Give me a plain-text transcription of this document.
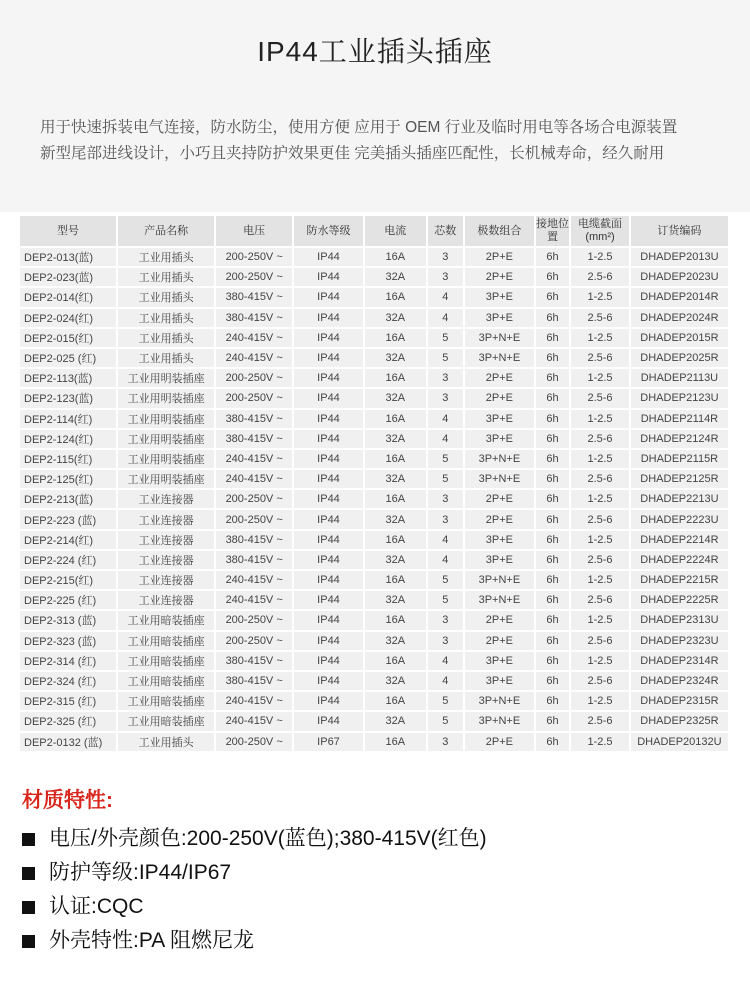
IP44工业插头插座
用于快速拆装电气连接，防水防尘，使用方便 应用于 OEM 行业及临时用电等各场合电源装置
新型尾部进线设计，小巧且夹持防护效果更佳 完美插头插座匹配性，长机械寿命，经久耐用
型号	产品名称	电压	防水等级	电流	芯数	极数组合	接地位置	电缆截面(mm²)	订货编码
DEP2-013(蓝)	工业用插头	200-250V ~	IP44	16A	3	2P+E	6h	1-2.5	DHADEP2013U
DEP2-023(蓝)	工业用插头	200-250V ~	IP44	32A	3	2P+E	6h	2.5-6	DHADEP2023U
DEP2-014(红)	工业用插头	380-415V ~	IP44	16A	4	3P+E	6h	1-2.5	DHADEP2014R
DEP2-024(红)	工业用插头	380-415V ~	IP44	32A	4	3P+E	6h	2.5-6	DHADEP2024R
DEP2-015(红)	工业用插头	240-415V ~	IP44	16A	5	3P+N+E	6h	1-2.5	DHADEP2015R
DEP2-025 (红)	工业用插头	240-415V ~	IP44	32A	5	3P+N+E	6h	2.5-6	DHADEP2025R
DEP2-113(蓝)	工业用明装插座	200-250V ~	IP44	16A	3	2P+E	6h	1-2.5	DHADEP2113U
DEP2-123(蓝)	工业用明装插座	200-250V ~	IP44	32A	3	2P+E	6h	2.5-6	DHADEP2123U
DEP2-114(红)	工业用明装插座	380-415V ~	IP44	16A	4	3P+E	6h	1-2.5	DHADEP2114R
DEP2-124(红)	工业用明装插座	380-415V ~	IP44	32A	4	3P+E	6h	2.5-6	DHADEP2124R
DEP2-115(红)	工业用明装插座	240-415V ~	IP44	16A	5	3P+N+E	6h	1-2.5	DHADEP2115R
DEP2-125(红)	工业用明装插座	240-415V ~	IP44	32A	5	3P+N+E	6h	2.5-6	DHADEP2125R
DEP2-213(蓝)	工业连接器	200-250V ~	IP44	16A	3	2P+E	6h	1-2.5	DHADEP2213U
DEP2-223 (蓝)	工业连接器	200-250V ~	IP44	32A	3	2P+E	6h	2.5-6	DHADEP2223U
DEP2-214(红)	工业连接器	380-415V ~	IP44	16A	4	3P+E	6h	1-2.5	DHADEP2214R
DEP2-224 (红)	工业连接器	380-415V ~	IP44	32A	4	3P+E	6h	2.5-6	DHADEP2224R
DEP2-215(红)	工业连接器	240-415V ~	IP44	16A	5	3P+N+E	6h	1-2.5	DHADEP2215R
DEP2-225 (红)	工业连接器	240-415V ~	IP44	32A	5	3P+N+E	6h	2.5-6	DHADEP2225R
DEP2-313 (蓝)	工业用暗装插座	200-250V ~	IP44	16A	3	2P+E	6h	1-2.5	DHADEP2313U
DEP2-323 (蓝)	工业用暗装插座	200-250V ~	IP44	32A	3	2P+E	6h	2.5-6	DHADEP2323U
DEP2-314 (红)	工业用暗装插座	380-415V ~	IP44	16A	4	3P+E	6h	1-2.5	DHADEP2314R
DEP2-324 (红)	工业用暗装插座	380-415V ~	IP44	32A	4	3P+E	6h	2.5-6	DHADEP2324R
DEP2-315 (红)	工业用暗装插座	240-415V ~	IP44	16A	5	3P+N+E	6h	1-2.5	DHADEP2315R
DEP2-325 (红)	工业用暗装插座	240-415V ~	IP44	32A	5	3P+N+E	6h	2.5-6	DHADEP2325R
DEP2-0132 (蓝)	工业用插头	200-250V ~	IP67	16A	3	2P+E	6h	1-2.5	DHADEP20132U
材质特性:
电压/外壳颜色:200-250V(蓝色);380-415V(红色)
防护等级:IP44/IP67
认证:CQC
外壳特性:PA 阻燃尼龙
